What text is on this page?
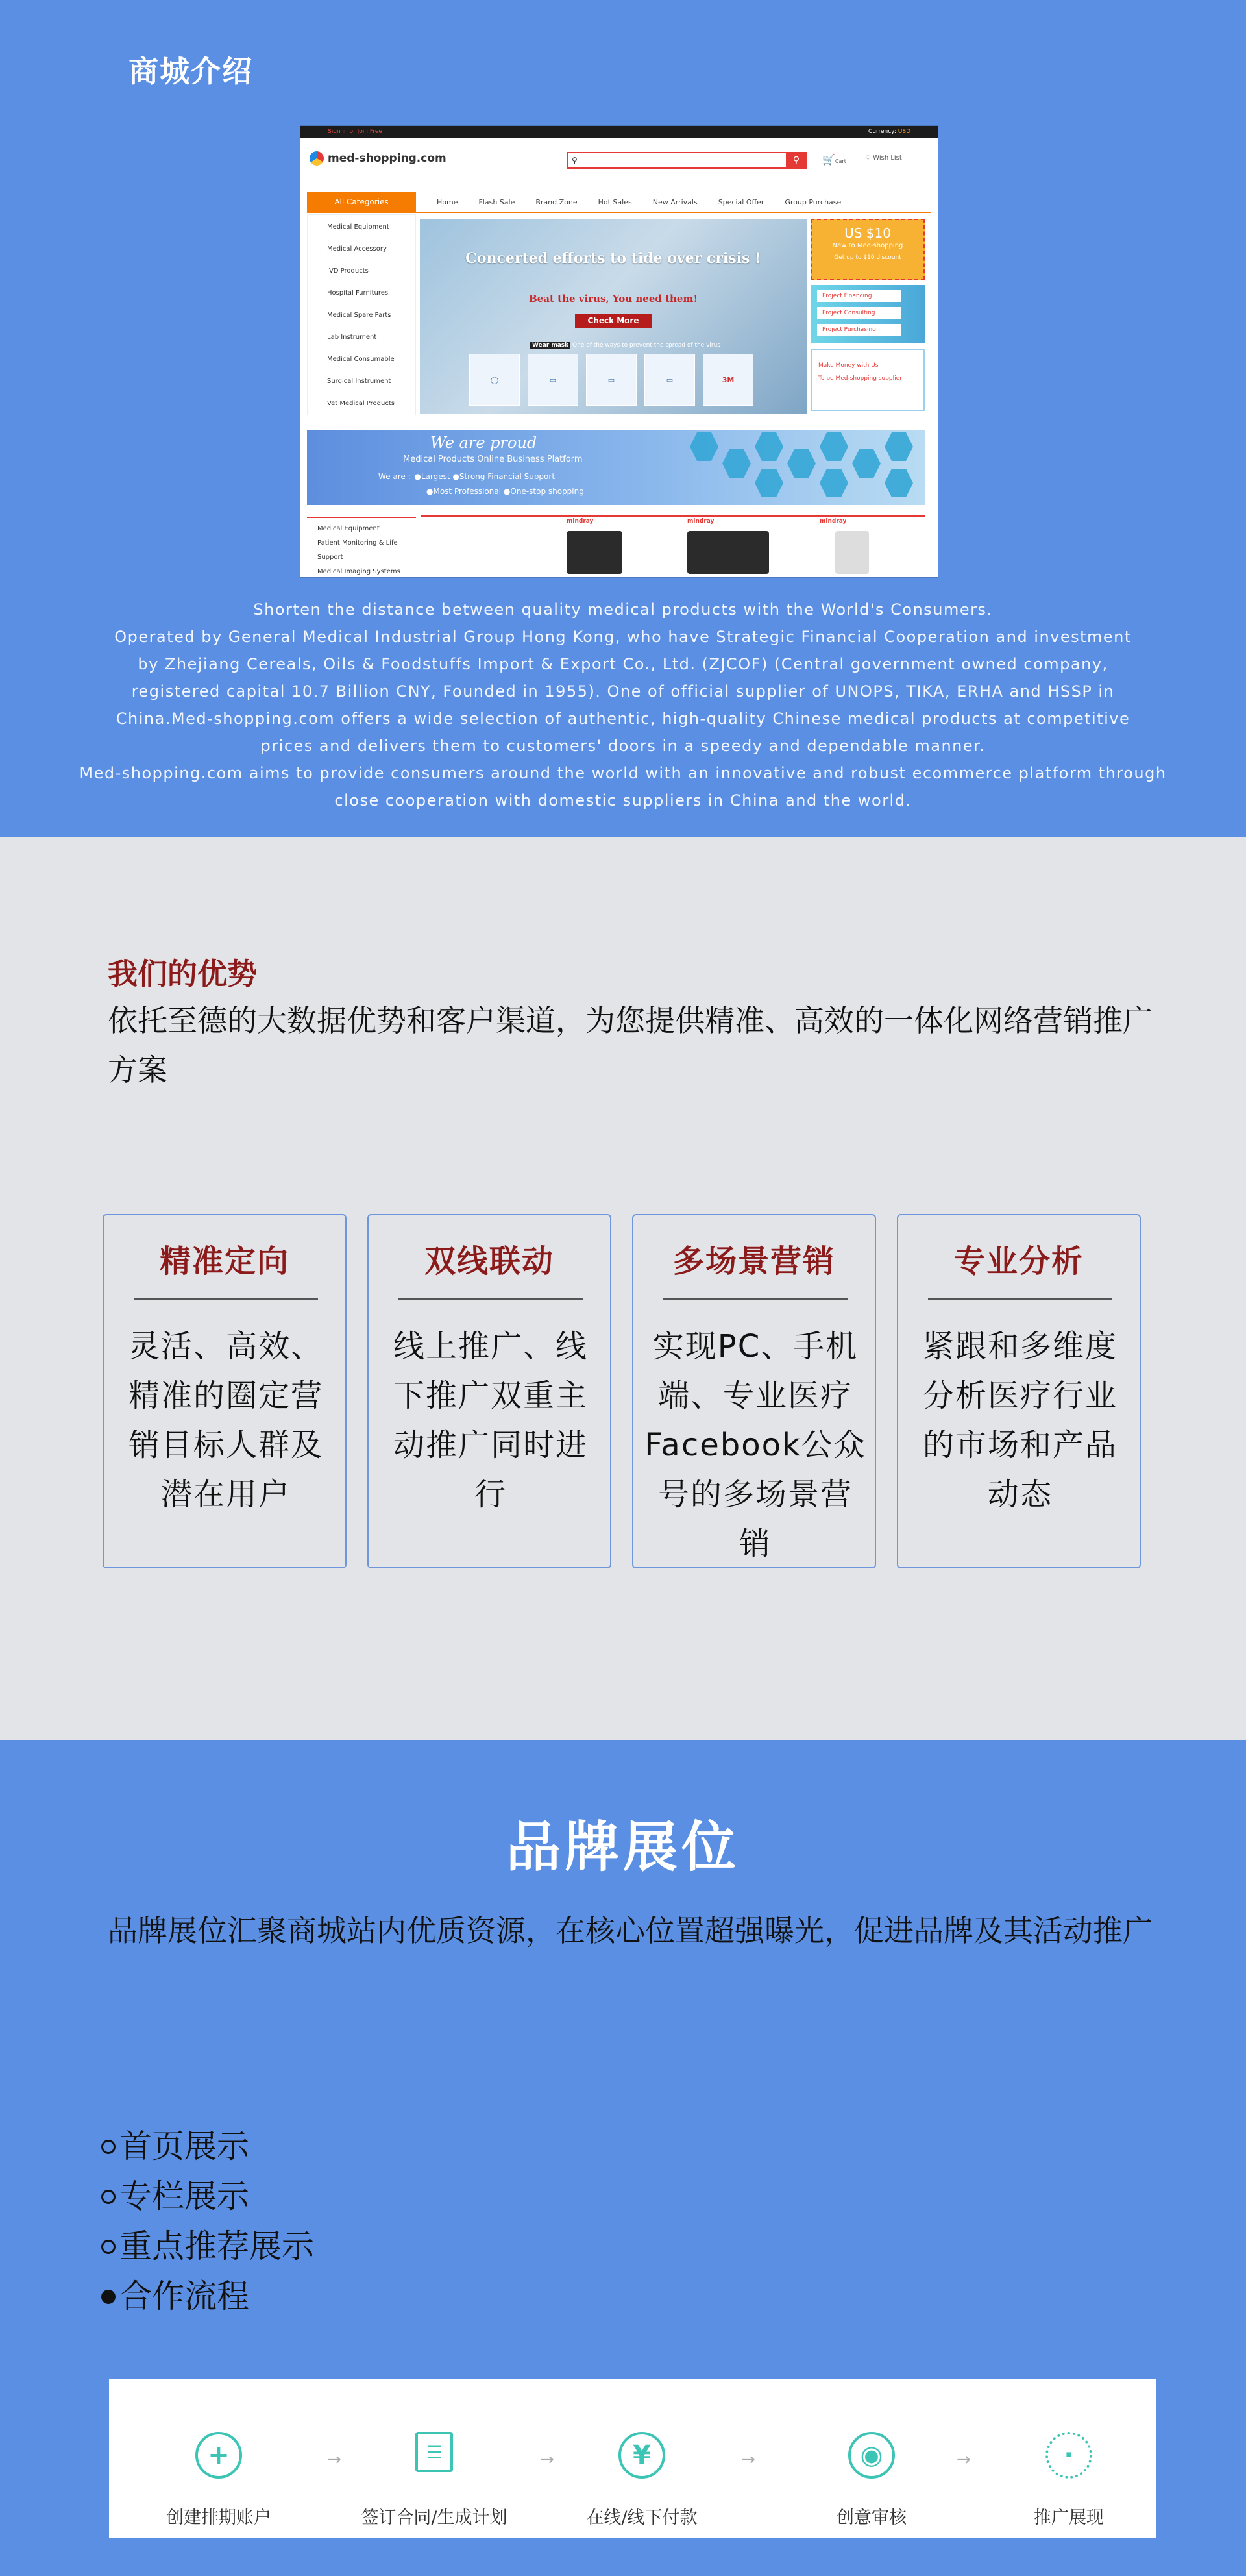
商城介绍
Sign in or Join Free	Currency: USD
med-shopping.com	⚲	⚲	🛒Cart	♡ Wish List
All Categories	Home	Flash Sale	Brand Zone	Hot Sales	New Arrivals	Special Offer	Group Purchase
Medical Equipment
Medical Accessory
IVD Products
Hospital Furnitures
Medical Spare Parts
Lab Instrument
Medical Consumable
Surgical Instrument
Vet Medical Products
Concerted efforts to tide over crisis !
Beat the virus, You need them!
Check More
Wear mask One of the ways to prevent the spread of the virus
◯	▭	▭	▭	3M
US $10
New to Med-shopping
Get up to $10 discount
Project Financing
Project Consulting
Project Purchasing
Make Money with Us
To be Med-shopping supplier
We are proud
Medical Products Online Business Platform
We are : ●Largest ●Strong Financial Support
●Most Professional ●One-stop shopping
Medical Equipment
Patient Monitoring & Life Support
Medical Imaging Systems
mindray	mindray	mindray
Shorten the distance between quality medical products with the World's Consumers.
Operated by General Medical Industrial Group Hong Kong, who have Strategic Financial Cooperation and investment
by Zhejiang Cereals, Oils & Foodstuffs Import & Export Co., Ltd. (ZJCOF) (Central government owned company,
registered capital 10.7 Billion CNY, Founded in 1955). One of official supplier of UNOPS, TIKA, ERHA and HSSP in
China.Med-shopping.com offers a wide selection of authentic, high-quality Chinese medical products at competitive
prices and delivers them to customers' doors in a speedy and dependable manner.
Med-shopping.com aims to provide consumers around the world with an innovative and robust ecommerce platform through
close cooperation with domestic suppliers in China and the world.
我们的优势
依托至德的大数据优势和客户渠道，为您提供精准、高效的一体化网络营销推广方案
精准定向
灵活、高效、精准的圈定营销目标人群及潜在用户
双线联动
线上推广、线下推广双重主动推广同时进行
多场景营销
实现PC、手机端、专业医疗Facebook公众号的多场景营销
专业分析
紧跟和多维度分析医疗行业的市场和产品动态
品牌展位
品牌展位汇聚商城站内优质资源，在核心位置超强曝光，促进品牌及其活动推广
首页展示
专栏展示
重点推荐展示
合作流程
+
创建排期账户
→	☰
签订合同/生成计划
→	¥
在线/线下付款
→	◉
创意审核
→	⋅
推广展现
